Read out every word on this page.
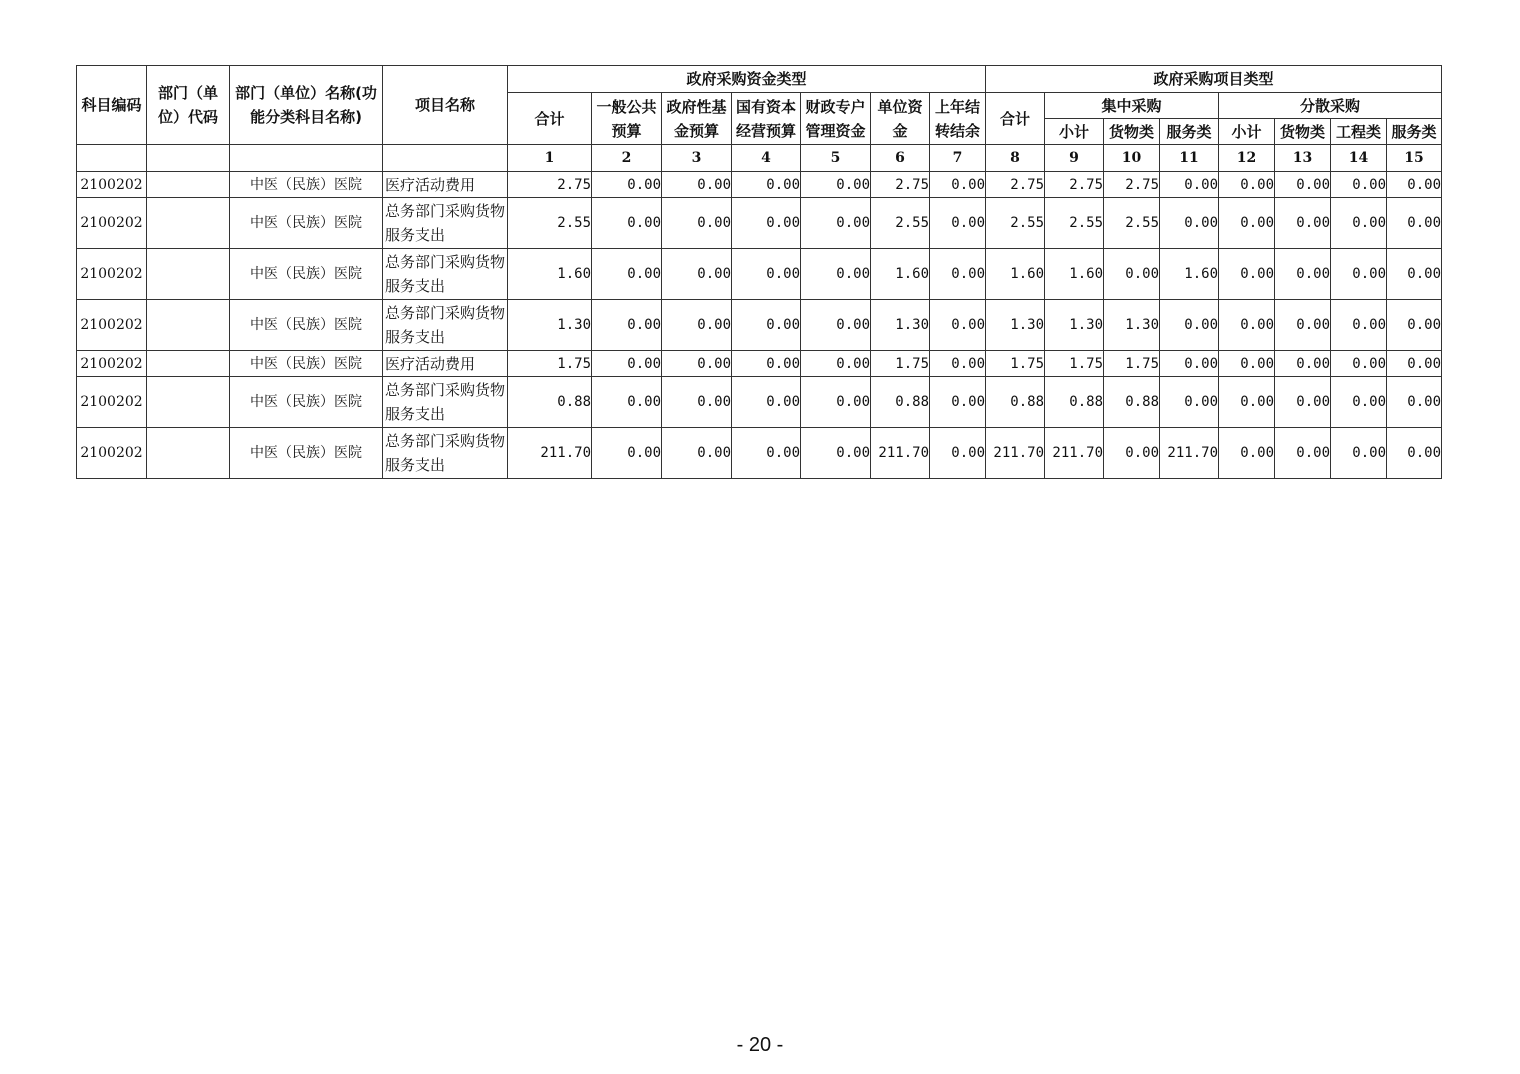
科目编码	部门（单位）代码	部门（单位）名称(功能分类科目名称)	项目名称	政府采购资金类型							政府采购项目类型							
				合计	一般公共预算	政府性基金预算	国有资本经营预算	财政专户管理资金	单位资金	上年结转结余	合计	集中采购			分散采购			
												小计	货物类	服务类	小计	货物类	工程类	服务类
				1	2	3	4	5	6	7	8	9	10	11	12	13	14	15
2100202		中医（民族）医院	医疗活动费用	2.75	0.00	0.00	0.00	0.00	2.75	0.00	2.75	2.75	2.75	0.00	0.00	0.00	0.00	0.00
2100202		中医（民族）医院	总务部门采购货物服务支出	2.55	0.00	0.00	0.00	0.00	2.55	0.00	2.55	2.55	2.55	0.00	0.00	0.00	0.00	0.00
2100202		中医（民族）医院	总务部门采购货物服务支出	1.60	0.00	0.00	0.00	0.00	1.60	0.00	1.60	1.60	0.00	1.60	0.00	0.00	0.00	0.00
2100202		中医（民族）医院	总务部门采购货物服务支出	1.30	0.00	0.00	0.00	0.00	1.30	0.00	1.30	1.30	1.30	0.00	0.00	0.00	0.00	0.00
2100202		中医（民族）医院	医疗活动费用	1.75	0.00	0.00	0.00	0.00	1.75	0.00	1.75	1.75	1.75	0.00	0.00	0.00	0.00	0.00
2100202		中医（民族）医院	总务部门采购货物服务支出	0.88	0.00	0.00	0.00	0.00	0.88	0.00	0.88	0.88	0.88	0.00	0.00	0.00	0.00	0.00
2100202		中医（民族）医院	总务部门采购货物服务支出	211.70	0.00	0.00	0.00	0.00	211.70	0.00	211.70	211.70	0.00	211.70	0.00	0.00	0.00	0.00
- 20 -
